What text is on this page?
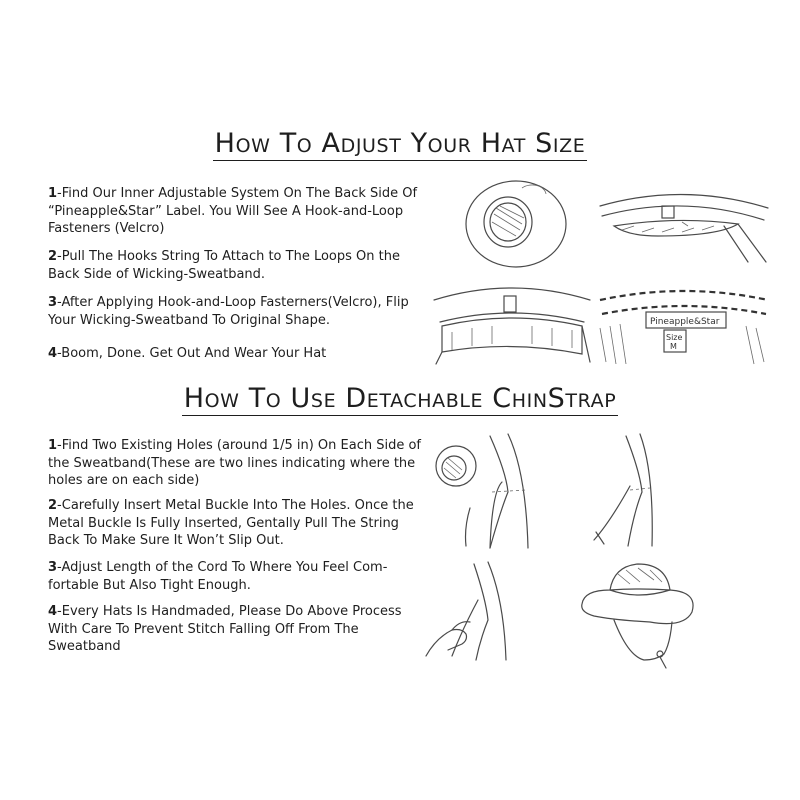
How To Adjust Your Hat Size

1-Find Our Inner Adjustable System On The Back Side Of “Pineapple&Star” Label. You Will See A Hook-and-Loop Fasteners (Velcro)

2-Pull The Hooks String To Attach to The Loops On the Back Side of Wicking-Sweatband.

3-After Applying Hook-and-Loop Fasterners(Velcro), Flip Your Wicking-Sweatband To Original Shape.

4-Boom, Done. Get Out And Wear Your Hat

Pineapple&Star
Size
M
How To Use Detachable ChinStrap

1-Find Two Existing Holes (around 1/5 in) On Each Side of the Sweatband(These are two lines indicating where the holes are on each side)

2-Carefully Insert Metal Buckle Into The Holes. Once the Metal Buckle Is Fully Inserted, Gentally Pull The String Back To Make Sure It Won’t Slip Out.

3-Adjust Length of the Cord To Where You Feel Com-fortable But Also Tight Enough.

4-Every Hats Is Handmaded, Please Do Above Process With Care To Prevent Stitch Falling Off From The Sweatband
